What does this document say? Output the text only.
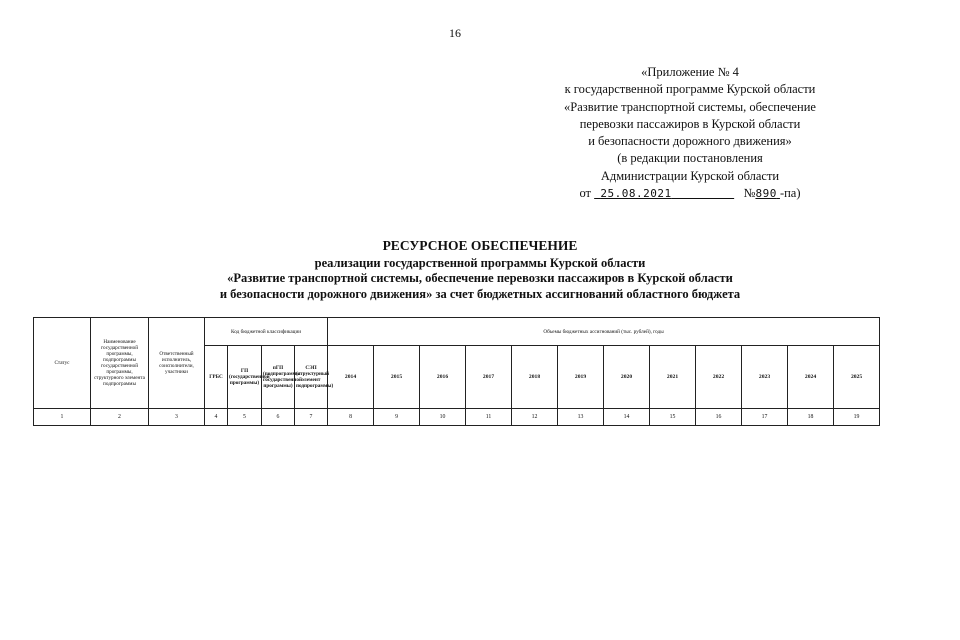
16
«Приложение № 4
к государственной программе Курской области
«Развитие транспортной системы, обеспечение
перевозки пассажиров в Курской области
и безопасности дорожного движения»
(в редакции постановления
Администрации Курской области
от 25.08.2021	№890 -па)
РЕСУРСНОЕ ОБЕСПЕЧЕНИЕ
реализации государственной программы Курской области
«Развитие транспортной системы, обеспечение перевозки пассажиров в Курской области
и безопасности дорожного движения» за счет бюджетных ассигнований областного бюджета
Статус	Наименование государственной программы, подпрограммы государственной программы, структурного элемента подпрограммы	Ответственный исполнитель, соисполнители, участники	Код бюджетной классификации				Объемы бюджетных ассигнований (тыс. рублей), годы											
			ГРБС	ГП (государственной программы)	пГП (подпрограммы государственной программы)	СЭП (структурный элемент подпрограммы)	2014	2015	2016	2017	2018	2019	2020	2021	2022	2023	2024	2025
1	2	3	4	5	6	7	8	9	10	11	12	13	14	15	16	17	18	19
